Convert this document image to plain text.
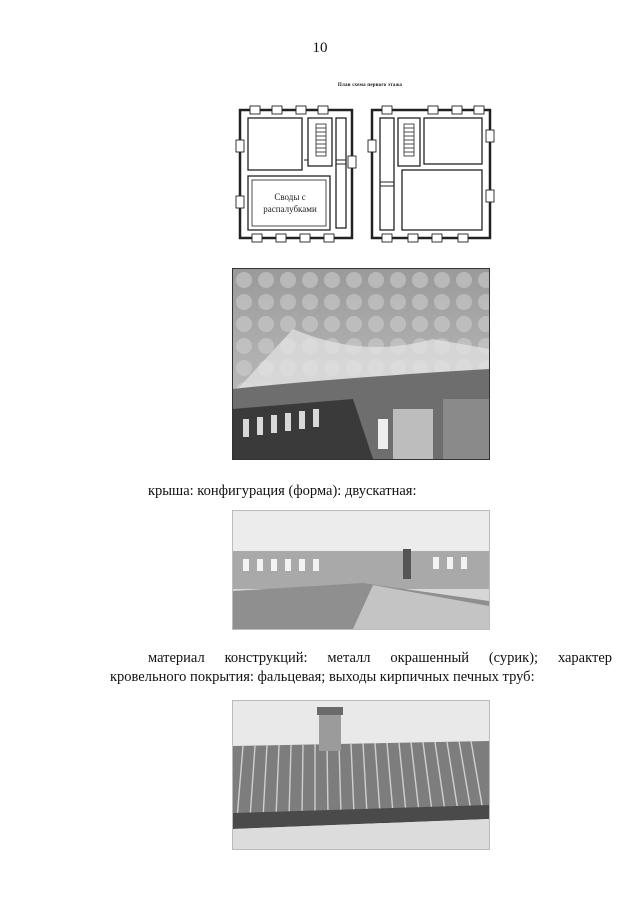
10
План схема первого этажа
Своды с
распалубками
крыша: конфигурация (форма): двускатная:
материал конструкций: металл окрашенный (сурик); характер
кровельного покрытия: фальцевая; выходы кирпичных печных труб:
